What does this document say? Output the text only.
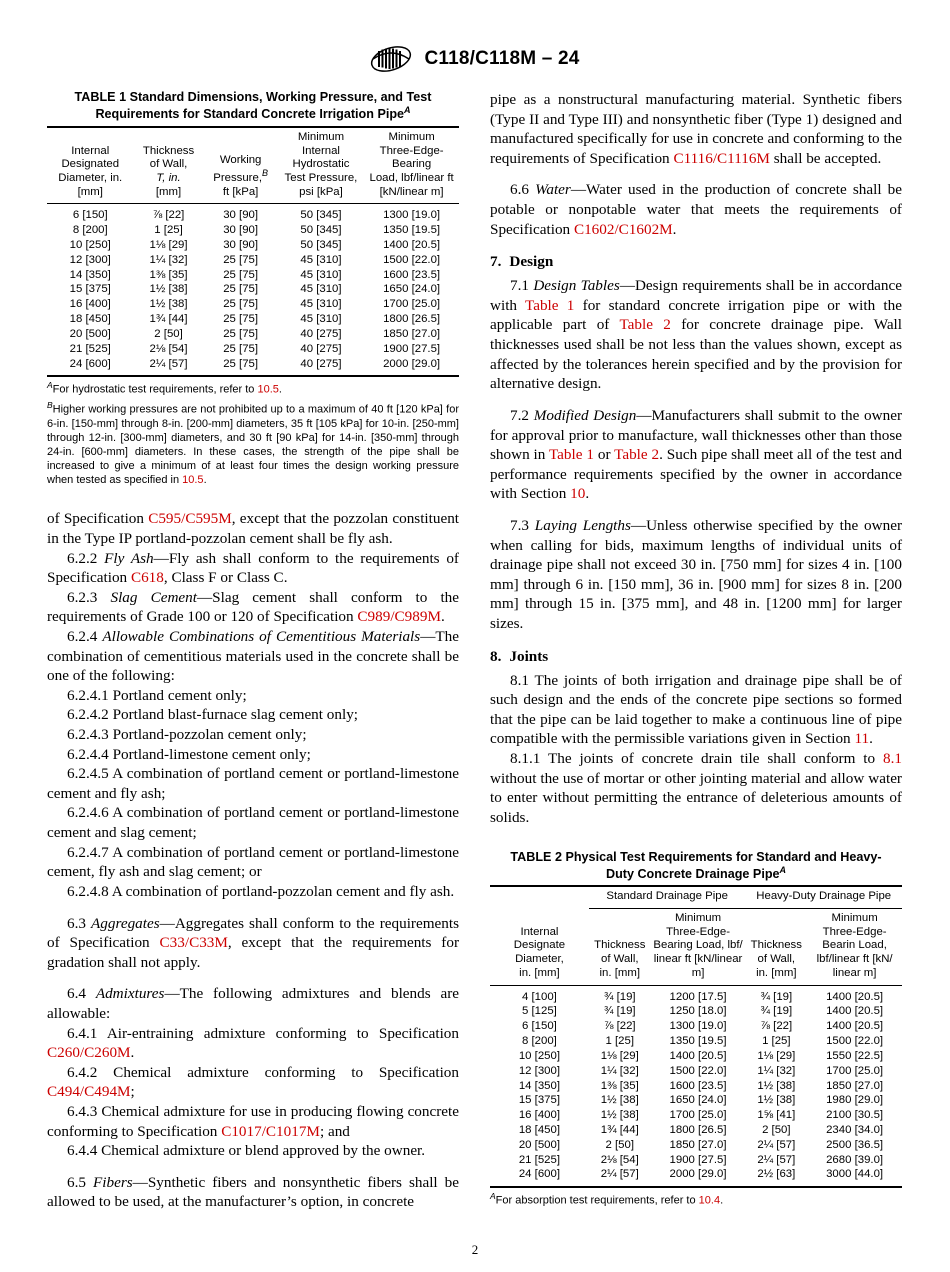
C118/C118M – 24
TABLE 1 Standard Dimensions, Working Pressure, and Test
Requirements for Standard Concrete Irrigation Pipe$^A$
Internal
Designated
Diameter, in.
[mm]	Thickness
of Wall,
T, in.
[mm]	Working
Pressure,$^B$
ft [kPa]	Minimum
Internal
Hydrostatic
Test Pressure,
psi [kPa]	Minimum
Three-Edge-Bearing
Load, lbf/linear ft
[kN/linear m]
6 [150]	⅞ [22]	30 [90]	50 [345]	1300 [19.0]
8 [200]	1 [25]	30 [90]	50 [345]	1350 [19.5]
10 [250]	1⅛ [29]	30 [90]	50 [345]	1400 [20.5]
12 [300]	1¼ [32]	25 [75]	45 [310]	1500 [22.0]
14 [350]	1⅜ [35]	25 [75]	45 [310]	1600 [23.5]
15 [375]	1½ [38]	25 [75]	45 [310]	1650 [24.0]
16 [400]	1½ [38]	25 [75]	45 [310]	1700 [25.0]
18 [450]	1¾ [44]	25 [75]	45 [310]	1800 [26.5]
20 [500]	2 [50]	25 [75]	40 [275]	1850 [27.0]
21 [525]	2⅛ [54]	25 [75]	40 [275]	1900 [27.5]
24 [600]	2¼ [57]	25 [75]	40 [275]	2000 [29.0]

$^A$For hydrostatic test requirements, refer to 10.5.

$^B$Higher working pressures are not prohibited up to a maximum of 40 ft [120 kPa] for 6-in. [150-mm] through 8-in. [200-mm] diameters, 35 ft [105 kPa] for 10-in. [250-mm] through 12-in. [300-mm] diameters, and 30 ft [90 kPa] for 14-in. [350-mm] through 24-in. [600-mm] diameters. In these cases, the strength of the pipe shall be increased to give a minimum of at least four times the design working pressure when tested as specified in 10.5.

of Specification C595/C595M, except that the pozzolan constituent in the Type IP portland-pozzolan cement shall be fly ash.

6.2.2 Fly Ash—Fly ash shall conform to the requirements of Specification C618, Class F or Class C.

6.2.3 Slag Cement—Slag cement shall conform to the requirements of Grade 100 or 120 of Specification C989/C989M.

6.2.4 Allowable Combinations of Cementitious Materials—The combination of cementitious materials used in the concrete shall be one of the following:

6.2.4.1 Portland cement only;

6.2.4.2 Portland blast-furnace slag cement only;

6.2.4.3 Portland-pozzolan cement only;

6.2.4.4 Portland-limestone cement only;

6.2.4.5 A combination of portland cement or portland-limestone cement and fly ash;

6.2.4.6 A combination of portland cement or portland-limestone cement and slag cement;

6.2.4.7 A combination of portland cement or portland-limestone cement, fly ash and slag cement; or

6.2.4.8 A combination of portland-pozzolan cement and fly ash.

6.3 Aggregates—Aggregates shall conform to the requirements of Specification C33/C33M, except that the requirements for gradation shall not apply.

6.4 Admixtures—The following admixtures and blends are allowable:

6.4.1 Air-entraining admixture conforming to Specification C260/C260M.

6.4.2 Chemical admixture conforming to Specification C494/C494M;

6.4.3 Chemical admixture for use in producing flowing concrete conforming to Specification C1017/C1017M; and

6.4.4 Chemical admixture or blend approved by the owner.

6.5 Fibers—Synthetic fibers and nonsynthetic fibers shall be allowed to be used, at the manufacturer’s option, in concrete

pipe as a nonstructural manufacturing material. Synthetic fibers (Type II and Type III) and nonsynthetic fiber (Type 1) designed and manufactured specifically for use in concrete and conforming to the requirements of Specification C1116/C1116M shall be accepted.

6.6 Water—Water used in the production of concrete shall be potable or nonpotable water that meets the requirements of Specification C1602/C1602M.

7. Design

7.1 Design Tables—Design requirements shall be in accordance with Table 1 for standard concrete irrigation pipe or with the applicable part of Table 2 for concrete drainage pipe. Wall thicknesses used shall be not less than the values shown, except as affected by the tolerances herein specified and by the provision for alternative design.

7.2 Modified Design—Manufacturers shall submit to the owner for approval prior to manufacture, wall thicknesses other than those shown in Table 1 or Table 2. Such pipe shall meet all of the test and performance requirements specified by the owner in accordance with Section 10.

7.3 Laying Lengths—Unless otherwise specified by the owner when calling for bids, maximum lengths of individual units of drainage pipe shall not exceed 30 in. [750 mm] for sizes 4 in. [100 mm] through 6 in. [150 mm], 36 in. [900 mm] for sizes 8 in. [200 mm] through 15 in. [375 mm], and 48 in. [1200 mm] for larger sizes.

8. Joints

8.1 The joints of both irrigation and drainage pipe shall be of such design and the ends of the concrete pipe sections so formed that the pipe can be laid together to make a continuous line of pipe compatible with the permissible variations given in Section 11.

8.1.1 The joints of concrete drain tile shall conform to 8.1 without the use of mortar or other jointing material and allow water to enter without permitting the entrance of deleterious amounts of solids.

TABLE 2 Physical Test Requirements for Standard and Heavy-
Duty Concrete Drainage Pipe$^A$
	Standard Drainage Pipe		Heavy-Duty Drainage Pipe	
Internal
Designate Diameter,
in. [mm]	Thickness
of Wall,
in. [mm]	Minimum
Three-Edge-
Bearing Load, lbf/
linear ft [kN/linear
m]	Thickness
of Wall,
in. [mm]	Minimum
Three-Edge-
Bearin Load,
lbf/linear ft [kN/
linear m]
4 [100]	¾ [19]	1200 [17.5]	¾ [19]	1400 [20.5]
5 [125]	¾ [19]	1250 [18.0]	¾ [19]	1400 [20.5]
6 [150]	⅞ [22]	1300 [19.0]	⅞ [22]	1400 [20.5]
8 [200]	1 [25]	1350 [19.5]	1 [25]	1500 [22.0]
10 [250]	1⅛ [29]	1400 [20.5]	1⅛ [29]	1550 [22.5]
12 [300]	1¼ [32]	1500 [22.0]	1¼ [32]	1700 [25.0]
14 [350]	1⅜ [35]	1600 [23.5]	1½ [38]	1850 [27.0]
15 [375]	1½ [38]	1650 [24.0]	1½ [38]	1980 [29.0]
16 [400]	1½ [38]	1700 [25.0]	1⅝ [41]	2100 [30.5]
18 [450]	1¾ [44]	1800 [26.5]	2 [50]	2340 [34.0]
20 [500]	2 [50]	1850 [27.0]	2¼ [57]	2500 [36.5]
21 [525]	2⅛ [54]	1900 [27.5]	2¼ [57]	2680 [39.0]
24 [600]	2¼ [57]	2000 [29.0]	2½ [63]	3000 [44.0]

$^A$For absorption test requirements, refer to 10.4.

2
